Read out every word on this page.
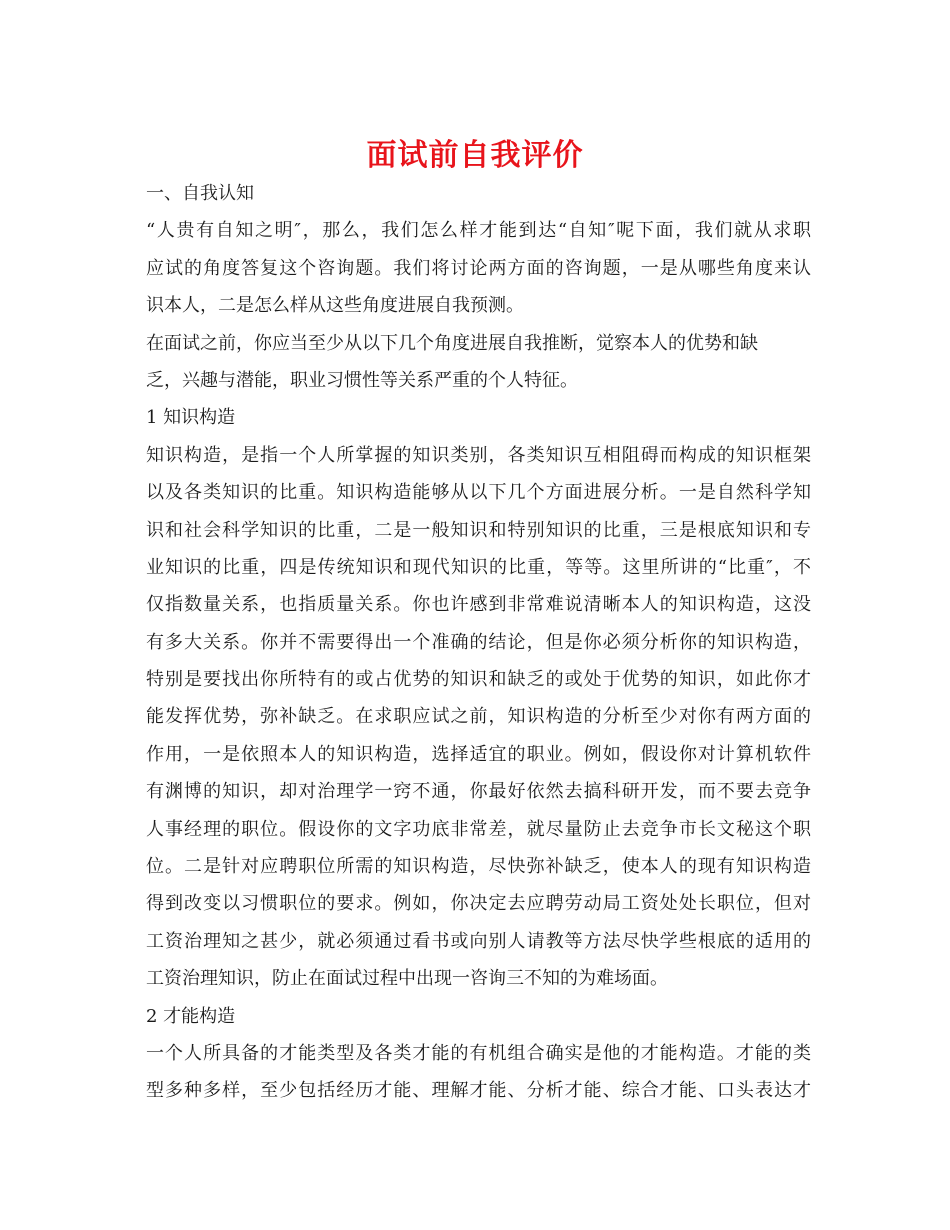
面试前自我评价
一、自我认知
“人贵有自知之明″，那么，我们怎么样才能到达“自知″呢下面，我们就从求职
应试的角度答复这个咨询题。我们将讨论两方面的咨询题，一是从哪些角度来认
识本人，二是怎么样从这些角度进展自我预测。
在面试之前，你应当至少从以下几个角度进展自我推断，觉察本人的优势和缺
乏，兴趣与潜能，职业习惯性等关系严重的个人特征。
1 知识构造
知识构造，是指一个人所掌握的知识类别，各类知识互相阻碍而构成的知识框架
以及各类知识的比重。知识构造能够从以下几个方面进展分析。一是自然科学知
识和社会科学知识的比重，二是一般知识和特别知识的比重，三是根底知识和专
业知识的比重，四是传统知识和现代知识的比重，等等。这里所讲的“比重″，不
仅指数量关系，也指质量关系。你也许感到非常难说清晰本人的知识构造，这没
有多大关系。你并不需要得出一个准确的结论，但是你必须分析你的知识构造，
特别是要找出你所特有的或占优势的知识和缺乏的或处于优势的知识，如此你才
能发挥优势，弥补缺乏。在求职应试之前，知识构造的分析至少对你有两方面的
作用，一是依照本人的知识构造，选择适宜的职业。例如，假设你对计算机软件
有渊博的知识，却对治理学一窍不通，你最好依然去搞科研开发，而不要去竞争
人事经理的职位。假设你的文字功底非常差，就尽量防止去竞争市长文秘这个职
位。二是针对应聘职位所需的知识构造，尽快弥补缺乏，使本人的现有知识构造
得到改变以习惯职位的要求。例如，你决定去应聘劳动局工资处处长职位，但对
工资治理知之甚少，就必须通过看书或向别人请教等方法尽快学些根底的适用的
工资治理知识，防止在面试过程中出现一咨询三不知的为难场面。
2 才能构造
一个人所具备的才能类型及各类才能的有机组合确实是他的才能构造。才能的类
型多种多样，至少包括经历才能、理解才能、分析才能、综合才能、口头表达才
